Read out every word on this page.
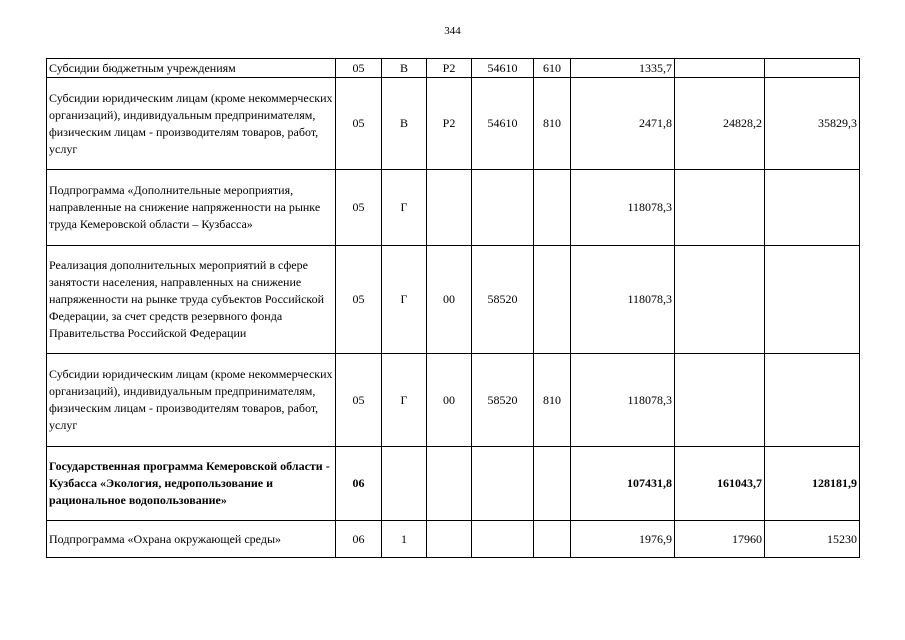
344
Субсидии бюджетным учреждениям	05	В	Р2	54610	610	1335,7		
Субсидии юридическим лицам (кроме некоммерческих организаций), индивидуальным предпринимателям, физическим лицам - производителям товаров, работ, услуг	05	В	Р2	54610	810	2471,8	24828,2	35829,3
Подпрограмма «Дополнительные мероприятия, направленные на снижение напряженности на рынке труда Кемеровской области – Кузбасса»	05	Г				118078,3		
Реализация дополнительных мероприятий в сфере занятости населения, направленных на снижение напряженности на рынке труда субъектов Российской Федерации, за счет средств резервного фонда Правительства Российской Федерации	05	Г	00	58520		118078,3		
Субсидии юридическим лицам (кроме некоммерческих организаций), индивидуальным предпринимателям, физическим лицам - производителям товаров, работ, услуг	05	Г	00	58520	810	118078,3		
Государственная программа Кемеровской области - Кузбасса «Экология, недропользование и рациональное водопользование»	06					107431,8	161043,7	128181,9
Подпрограмма «Охрана окружающей среды»	06	1				1976,9	17960	15230
